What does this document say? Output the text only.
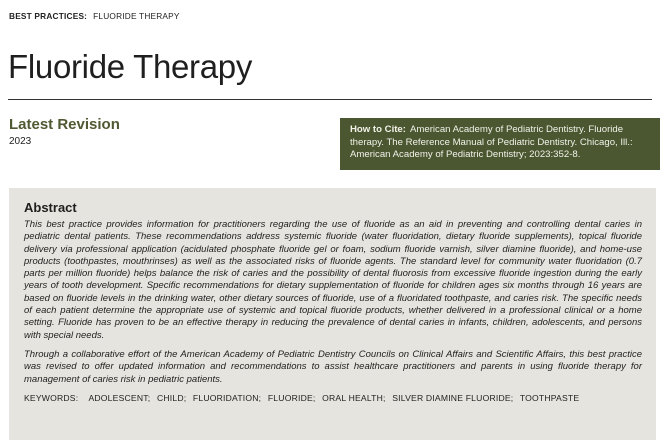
BEST PRACTICES: FLUORIDE THERAPY
Fluoride Therapy
Latest Revision
2023
How to Cite: American Academy of Pediatric Dentistry. Fluoride therapy. The Reference Manual of Pediatric Dentistry. Chicago, Ill.: American Academy of Pediatric Dentistry; 2023:352-8.
Abstract

This best practice provides information for practitioners regarding the use of fluoride as an aid in preventing and controlling dental caries in pediatric dental patients. These recommendations address systemic fluoride (water fluoridation, dietary fluoride supplements), topical fluoride delivery via professional application (acidulated phosphate fluoride gel or foam, sodium fluoride varnish, silver diamine fluoride), and home-use products (toothpastes, mouthrinses) as well as the associated risks of fluoride agents. The standard level for community water fluoridation (0.7 parts per million fluoride) helps balance the risk of caries and the possibility of dental fluorosis from excessive fluoride ingestion during the early years of tooth development. Specific recommendations for dietary supplementation of fluoride for children ages six months through 16 years are based on fluoride levels in the drinking water, other dietary sources of fluoride, use of a fluoridated toothpaste, and caries risk. The specific needs of each patient determine the appropriate use of systemic and topical fluoride products, whether delivered in a professional clinical or a home setting. Fluoride has proven to be an effective therapy in reducing the prevalence of dental caries in infants, children, adolescents, and persons with special needs.

Through a collaborative effort of the American Academy of Pediatric Dentistry Councils on Clinical Affairs and Scientific Affairs, this best practice was revised to offer updated information and recommendations to assist healthcare practitioners and parents in using fluoride therapy for management of caries risk in pediatric patients.

KEYWORDS: ADOLESCENT; CHILD; FLUORIDATION; FLUORIDE; ORAL HEALTH; SILVER DIAMINE FLUORIDE; TOOTHPASTE
